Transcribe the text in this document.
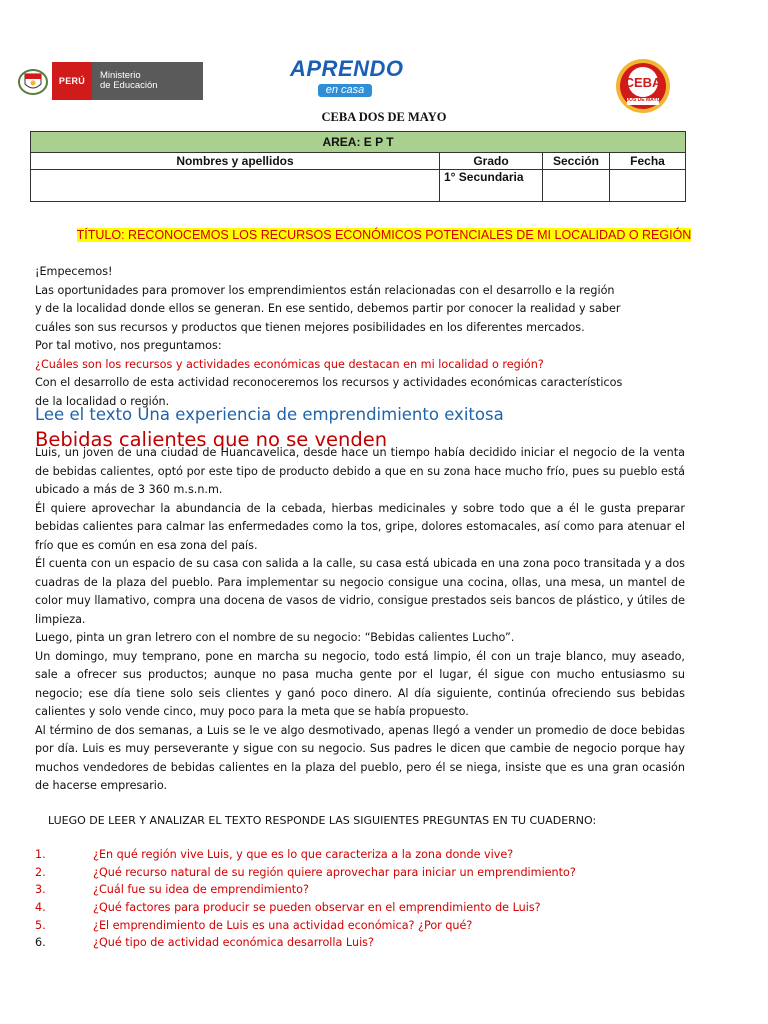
PERÚ	Ministerio
de Educación
APRENDO
en casa	CEBA
DOS DE MAYO
CEBA DOS DE MAYO
AREA: E P T			
Nombres y apellidos	Grado	Sección	Fecha
	1° Secundaria		
TÍTULO: RECONOCEMOS LOS RECURSOS ECONÓMICOS POTENCIALES DE MI LOCALIDAD O REGIÓN
¡Empecemos!
Las oportunidades para promover los emprendimientos están relacionadas con el desarrollo e la región
y de la localidad donde ellos se generan. En ese sentido, debemos partir por conocer la realidad y saber
cuáles son sus recursos y productos que tienen mejores posibilidades en los diferentes mercados.
Por tal motivo, nos preguntamos:
¿Cuáles son los recursos y actividades económicas que destacan en mi localidad o región?
Con el desarrollo de esta actividad reconoceremos los recursos y actividades económicas característicos
de la localidad o región.
Lee el texto Una experiencia de emprendimiento exitosa
Bebidas calientes que no se venden

Luis, un joven de una ciudad de Huancavelica, desde hace un tiempo había decidido iniciar el negocio de la venta de bebidas calientes, optó por este tipo de producto debido a que en su zona hace mucho frío, pues su pueblo está ubicado a más de 3 360 m.s.n.m.

Él quiere aprovechar la abundancia de la cebada, hierbas medicinales y sobre todo que a él le gusta preparar bebidas calientes para calmar las enfermedades como la tos, gripe, dolores estomacales, así como para atenuar el frío que es común en esa zona del país.

Él cuenta con un espacio de su casa con salida a la calle, su casa está ubicada en una zona poco transitada y a dos cuadras de la plaza del pueblo. Para implementar su negocio consigue una cocina, ollas, una mesa, un mantel de color muy llamativo, compra una docena de vasos de vidrio, consigue prestados seis bancos de plástico, y útiles de limpieza.

Luego, pinta un gran letrero con el nombre de su negocio: “Bebidas calientes Lucho”.

Un domingo, muy temprano, pone en marcha su negocio, todo está limpio, él con un traje blanco, muy aseado, sale a ofrecer sus productos; aunque no pasa mucha gente por el lugar, él sigue con mucho entusiasmo su negocio; ese día tiene solo seis clientes y ganó poco dinero. Al día siguiente, continúa ofreciendo sus bebidas calientes y solo vende cinco, muy poco para la meta que se había propuesto.

Al término de dos semanas, a Luis se le ve algo desmotivado, apenas llegó a vender un promedio de doce bebidas por día. Luis es muy perseverante y sigue con su negocio. Sus padres le dicen que cambie de negocio porque hay muchos vendedores de bebidas calientes en la plaza del pueblo, pero él se niega, insiste que es una gran ocasión de hacerse empresario.

LUEGO DE LEER Y ANALIZAR EL TEXTO RESPONDE LAS SIGUIENTES PREGUNTAS EN TU CUADERNO:
1.	¿En qué región vive Luis, y que es lo que caracteriza a la zona donde vive?
2.	¿Qué recurso natural de su región quiere aprovechar para iniciar un emprendimiento?
3.	¿Cuál fue su idea de emprendimiento?
4.	¿Qué factores para producir se pueden observar en el emprendimiento de Luis?
5.	¿El emprendimiento de Luis es una actividad económica? ¿Por qué?
6.	¿Qué tipo de actividad económica desarrolla Luis?
